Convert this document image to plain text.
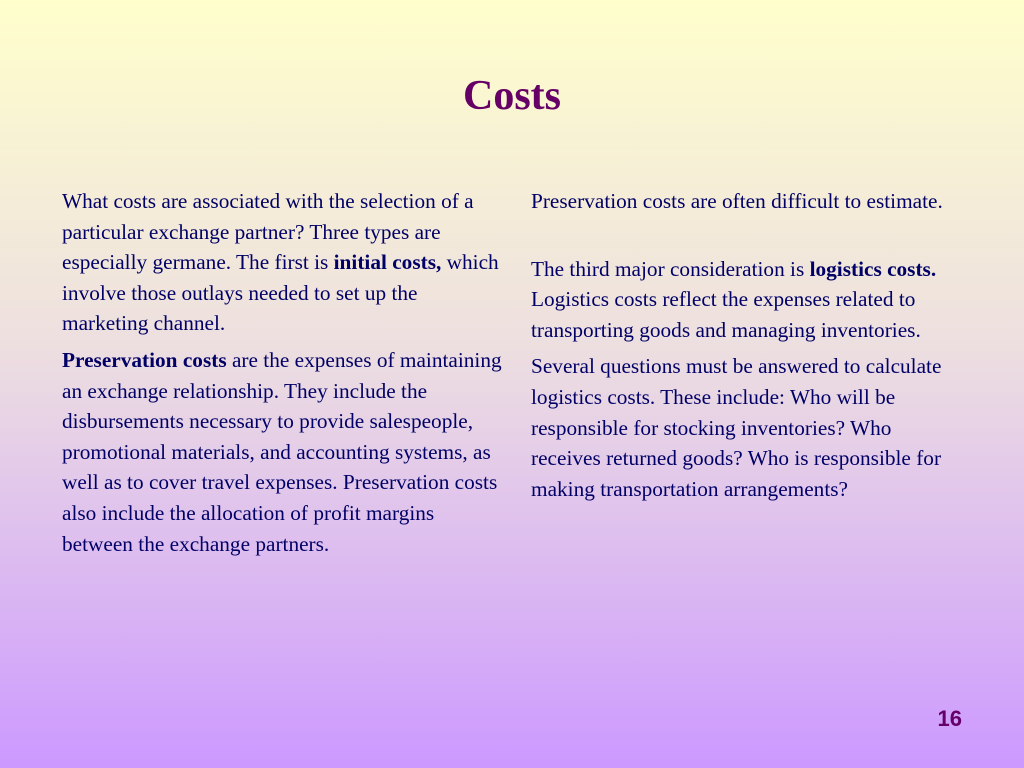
Costs

What costs are associated with the selection of a particular exchange partner? Three types are especially germane. The first is initial costs, which involve those outlays needed to set up the marketing channel.

Preservation costs are the expenses of maintaining an exchange relationship. They include the disbursements necessary to provide salespeople, promotional materials, and accounting systems, as well as to cover travel expenses. Preservation costs also include the allocation of profit margins between the exchange partners.

Preservation costs are often difficult to estimate.

The third major consideration is logistics costs. Logistics costs reflect the expenses related to transporting goods and managing inventories.

Several questions must be answered to calculate logistics costs. These include: Who will be responsible for stocking inventories? Who receives returned goods? Who is responsible for making transportation arrangements?

16
